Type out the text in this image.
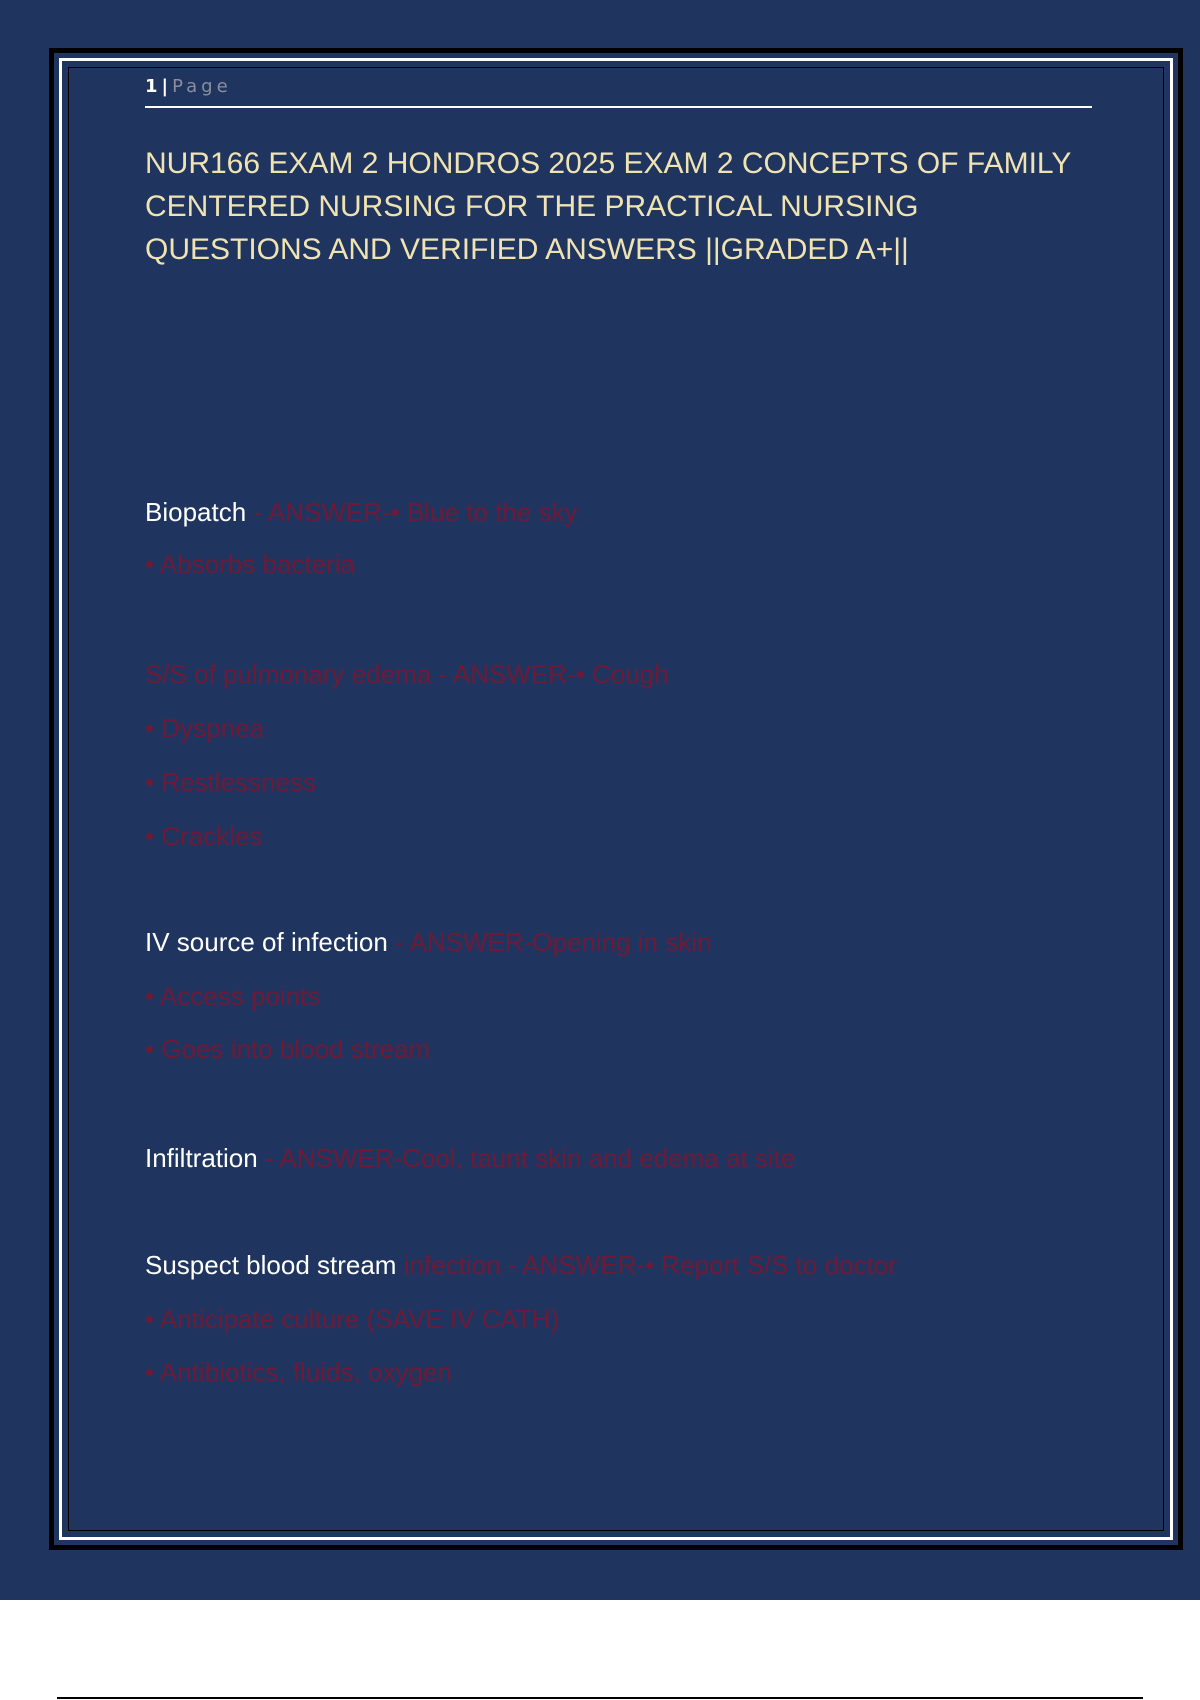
1 | Page
NUR166 EXAM 2 HONDROS 2025 EXAM 2 CONCEPTS OF FAMILY CENTERED NURSING FOR THE PRACTICAL NURSING QUESTIONS AND VERIFIED ANSWERS ||GRADED A+||
Biopatch - ANSWER-• Blue to the sky
• Absorbs bacteria
S/S of pulmonary edema - ANSWER-• Cough
• Dyspnea
• Restlessness
• Crackles
IV source of infection - ANSWER-Opening in skin
• Access points
• Goes into blood stream
Infiltration - ANSWER-Cool, taunt skin and edema at site
Suspect blood stream infection - ANSWER-• Report S/S to doctor
• Anticipate culture (SAVE IV CATH)
• Antibiotics, fluids, oxygen
